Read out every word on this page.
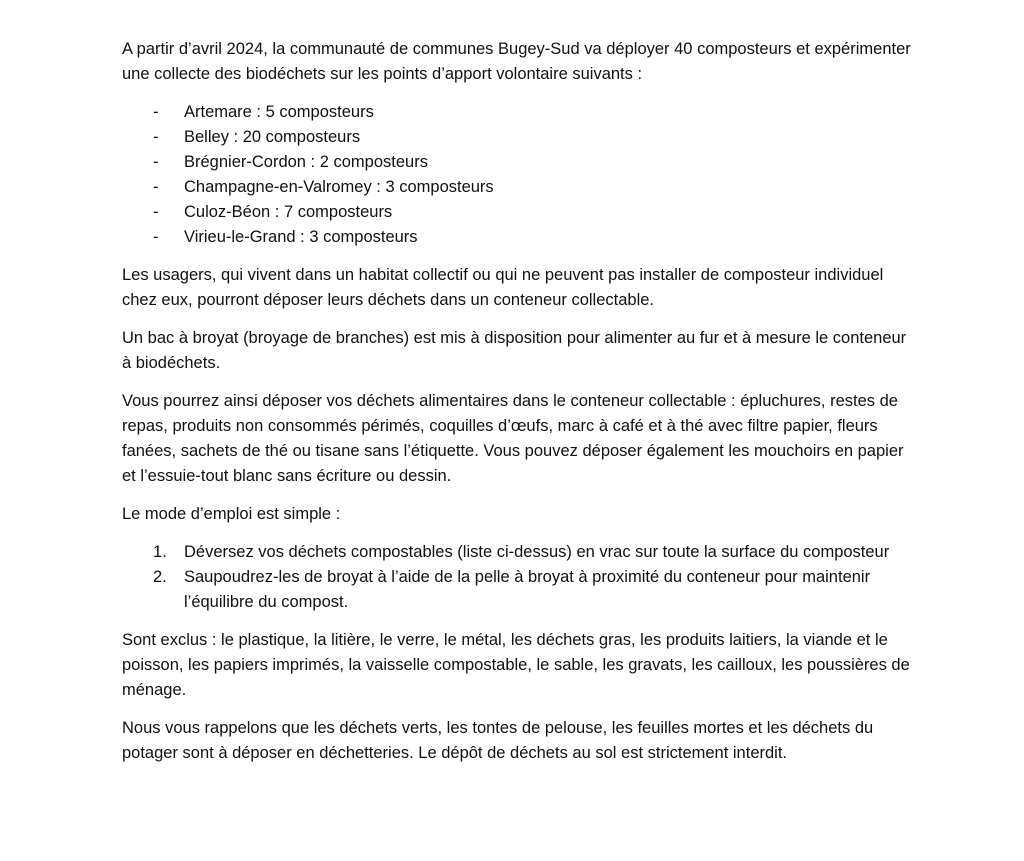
A partir d’avril 2024, la communauté de communes Bugey-Sud va déployer 40 composteurs et expérimenter une collecte des biodéchets sur les points d’apport volontaire suivants :

- Artemare : 5 composteurs
- Belley : 20 composteurs
- Brégnier-Cordon : 2 composteurs
- Champagne-en-Valromey : 3 composteurs
- Culoz-Béon : 7 composteurs
- Virieu-le-Grand : 3 composteurs

Les usagers, qui vivent dans un habitat collectif ou qui ne peuvent pas installer de composteur individuel chez eux, pourront déposer leurs déchets dans un conteneur collectable.

Un bac à broyat (broyage de branches) est mis à disposition pour alimenter au fur et à mesure le conteneur à biodéchets.

Vous pourrez ainsi déposer vos déchets alimentaires dans le conteneur collectable : épluchures, restes de repas, produits non consommés périmés, coquilles d’œufs, marc à café et à thé avec filtre papier, fleurs fanées, sachets de thé ou tisane sans l’étiquette. Vous pouvez déposer également les mouchoirs en papier et l’essuie-tout blanc sans écriture ou dessin.

Le mode d’emploi est simple :

1. Déversez vos déchets compostables (liste ci-dessus) en vrac sur toute la surface du composteur
2. Saupoudrez-les de broyat à l’aide de la pelle à broyat à proximité du conteneur pour maintenir l’équilibre du compost.

Sont exclus : le plastique, la litière, le verre, le métal, les déchets gras, les produits laitiers, la viande et le poisson, les papiers imprimés, la vaisselle compostable, le sable, les gravats, les cailloux, les poussières de ménage.

Nous vous rappelons que les déchets verts, les tontes de pelouse, les feuilles mortes et les déchets du potager sont à déposer en déchetteries. Le dépôt de déchets au sol est strictement interdit.
